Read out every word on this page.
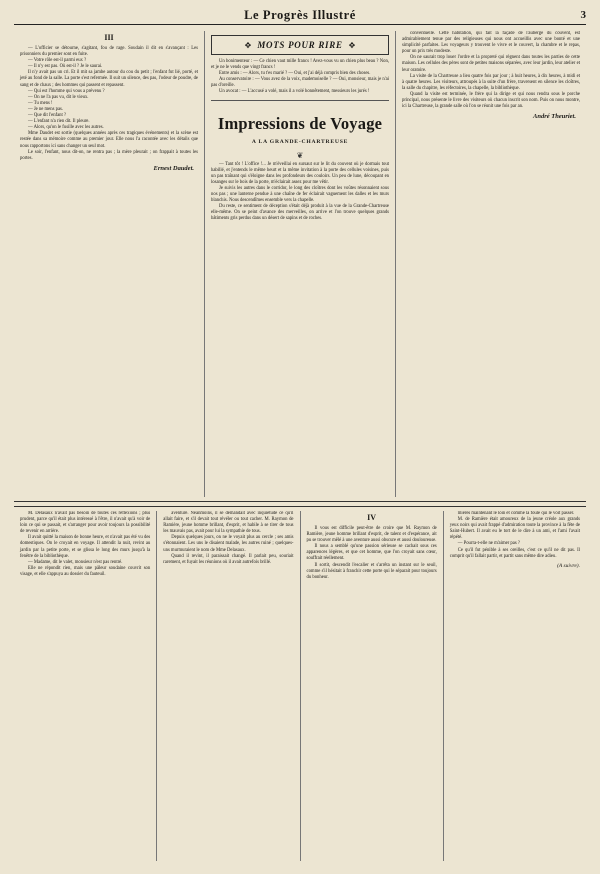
Le Progrès Illustré	3
III

— L'officier se détourne, s'agitant, fou de rage. Soudain il dit en s'avançant : Les prisonniers du premier sont en fuite.

— Votre rôle est-il parmi eux ?

— Il n'y est pas. Où est-il ? Je le saurai.

Il n'y avait pas un cri. Et il mit sa jambe autour du cou du petit ; l'enfant fut lié, porté, et jeté au fond de la salle. La porte s'est refermée. Il suit un silence, des pas, l'odeur de poudre, de sang et de chaux ; des hommes qui passent et repassent.

— Qui est l'homme qui vous a prévenu ?

— On ne l'a pas vu, dit le vieux.

— Tu mens !

— Je ne mens pas.

— Que dit l'enfant ?

— L'enfant n'a rien dit. Il pleure.

— Alors, qu'on le fusille avec les autres.

Mme Daudet est sortie (quelques années après ces tragiques événements) et la scène est restée dans sa mémoire comme au premier jour. Elle nous l'a racontée avec les détails que nous rapportons ici sans changer un seul mot.

Le soir, l'enfant, nous dit-on, ne rentra pas ; la mère pleurait ; on frappait à toutes les portes.

Ernest Daudet.
✥ MOTS POUR RIRE ✥

Un bonimenteur : — Ce chien vaut mille francs ! Avez-vous vu un chien plus beau ? Non, et je ne le vends que vingt francs !

Entre amis : — Alors, tu t'es marié ? — Oui, et j'ai déjà compris bien des choses.

Au conservatoire : — Vous avez de la voix, mademoiselle ? — Oui, monsieur, mais je n'ai pas d'oreille.

Un avocat : — L'accusé a volé, mais il a volé honnêtement, messieurs les jurés !

Impressions de Voyage
A LA GRANDE-CHARTREUSE
❦

— Tant tôt ! L'office !... Je m'éveillai en sursaut sur le lit du couvent où je dormais tout habillé, et j'entends le même heurt et la même invitation à la porte des cellules voisines, puis un pas traînant qui s'éloigne dans les profondeurs des couloirs. Un peu de lune, découpant en losanges sur le bois de la porte, m'éclairait assez pour me vêtir.

Je suivis les autres dans le corridor, le long des cloîtres dont les voûtes résonnaient sous nos pas ; une lanterne pendue à une chaîne de fer éclairait vaguement les dalles et les murs blanchis. Nous descendîmes ensemble vers la chapelle.

Du reste, ce sentiment de déception s'était déjà produit à la vue de la Grande-Chartreuse elle-même. On se peint d'avance des merveilles, on arrive et l'on trouve quelques grands bâtiments gris perdus dans un désert de sapins et de roches.

conventuelle. Cette habitation, qui fait la façade de l'auberge du couvent, est admirablement tenue par des religieuses qui nous ont accueillis avec une bonté et une simplicité parfaites. Les voyageurs y trouvent le vivre et le couvert, la chambre et le repas, pour un prix très modeste.

On ne saurait trop louer l'ordre et la propreté qui règnent dans toutes les parties de cette maison. Les cellules des pères sont de petites maisons séparées, avec leur jardin, leur atelier et leur oratoire.

La visite de la Chartreuse a lieu quatre fois par jour ; à huit heures, à dix heures, à midi et à quatre heures. Les visiteurs, attroupés à la suite d'un frère, traversent en silence les cloîtres, la salle du chapitre, les réfectoires, la chapelle, la bibliothèque.

Quand la visite est terminée, le frère qui la dirige et qui nous rendra sous le porche principal, nous présente le livre des visiteurs où chacun inscrit son nom. Puis on nous montre, ici la Chartreuse, la grande salle où l'on se réunit une fois par an.

André Theuriet.

M. Delasaux n'avait pas besoin de toutes ces réflexions ; plus prudent, parce qu'il était plus intéressé à l'être, il n'avait qu'à voir de loin ce qui se passait, et s'arranger pour avoir toujours la possibilité de revenir en arrière.

Il avait quitté la maison de bonne heure, et n'avait pas été vu des domestiques. On le croyait en voyage. Il attendit la nuit, revint au jardin par la petite porte, et se glissa le long des murs jusqu'à la fenêtre de la bibliothèque.

— Madame, dit le valet, monsieur n'est pas rentré.

Elle ne répondit rien, mais une pâleur soudaine couvrit son visage, et elle s'appuya au dossier du fauteuil.

aventure. Néanmoins, il se demandait avec inquiétude ce qu'il allait faire, et s'il devait tout révéler ou tout cacher. M. Raymon de Ramière, jeune homme brillant, d'esprit, et habile à se tirer de tous les mauvais pas, avait pour lui la sympathie de tous.

Depuis quelques jours, on ne le voyait plus au cercle ; ses amis s'étonnaient. Les uns le disaient malade, les autres ruiné ; quelques-uns murmuraient le nom de Mme Delasaux.

Quand il revint, il paraissait changé. Il parlait peu, souriait rarement, et fuyait les réunions où il avait autrefois brillé.

IV

Il vous est difficile peut-être de croire que M. Raymon de Ramière, jeune homme brillant d'esprit, de talent et d'espérance, ait pu se trouver mêlé à une aventure aussi obscure et aussi douloureuse.

Il nous a semblé qu'une passion sérieuse se cachait sous ces apparences légères, et que cet homme, que l'on croyait sans cœur, souffrait réellement.

Il sortit, descendit l'escalier et s'arrêta un instant sur le seuil, comme s'il hésitait à franchir cette porte qui le séparait pour toujours du bonheur.

mières maintenant le loin et comme la foule qui le voit passer.

M. de Ramière était amoureux de la jeune créole aux grands yeux noirs qui avait frappé d'admiration toute la province à la fête de Saint-Hubert. Il avait eu le tort de le dire à un ami, et l'ami l'avait répété.

— Pourra-t-elle ne m'aimer pas ?

Ce qu'il fut pénible à ses oreilles, c'est ce qu'il ne dit pas. Il comprit qu'il fallait partir, et partit sans même dire adieu.

(A suivre).
